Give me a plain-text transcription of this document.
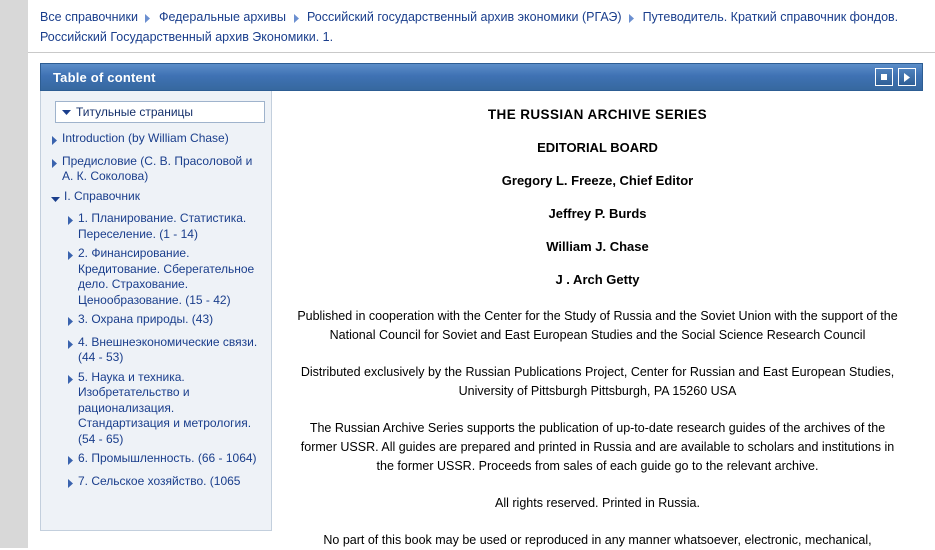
Все справочники Федеральные архивы Российский государственный архив экономики (РГАЭ) Путеводитель. Краткий справочник фондов. Российский Государственный архив Экономики. 1.
Table of content
Титульные страницы
Introduction (by William Chase)
Предисловие (С. В. Прасоловой и А. К. Соколова)
I. Справочник
1. Планирование. Статистика. Переселение. (1 - 14)
2. Финансирование. Кредитование. Сберегательное дело. Страхование. Ценообразование. (15 - 42)
3. Охрана природы. (43)
4. Внешнеэкономические связи. (44 - 53)
5. Наука и техника. Изобретательство и рационализация. Стандартизация и метрология. (54 - 65)
6. Промышленность. (66 - 1064)
7. Сельское хозяйство. (1065
THE RUSSIAN ARCHIVE SERIES
EDITORIAL BOARD
Gregory L. Freeze, Chief Editor
Jeffrey P. Burds
William J. Chase
J . Arch Getty

Published in cooperation with the Center for the Study of Russia and the Soviet Union with the support of the National Council for Soviet and East European Studies and the Social Science Research Council

Distributed exclusively by the Russian Publications Project, Center for Russian and East European Studies, University of Pittsburgh Pittsburgh, PA 15260 USA

The Russian Archive Series supports the publication of up-to-date research guides of the archives of the former USSR. All guides are prepared and printed in Russia and are available to scholars and institutions in the former USSR. Proceeds from sales of each guide go to the relevant archive.

All rights reserved. Printed in Russia.

No part of this book may be used or reproduced in any manner whatsoever, electronic, mechanical,
